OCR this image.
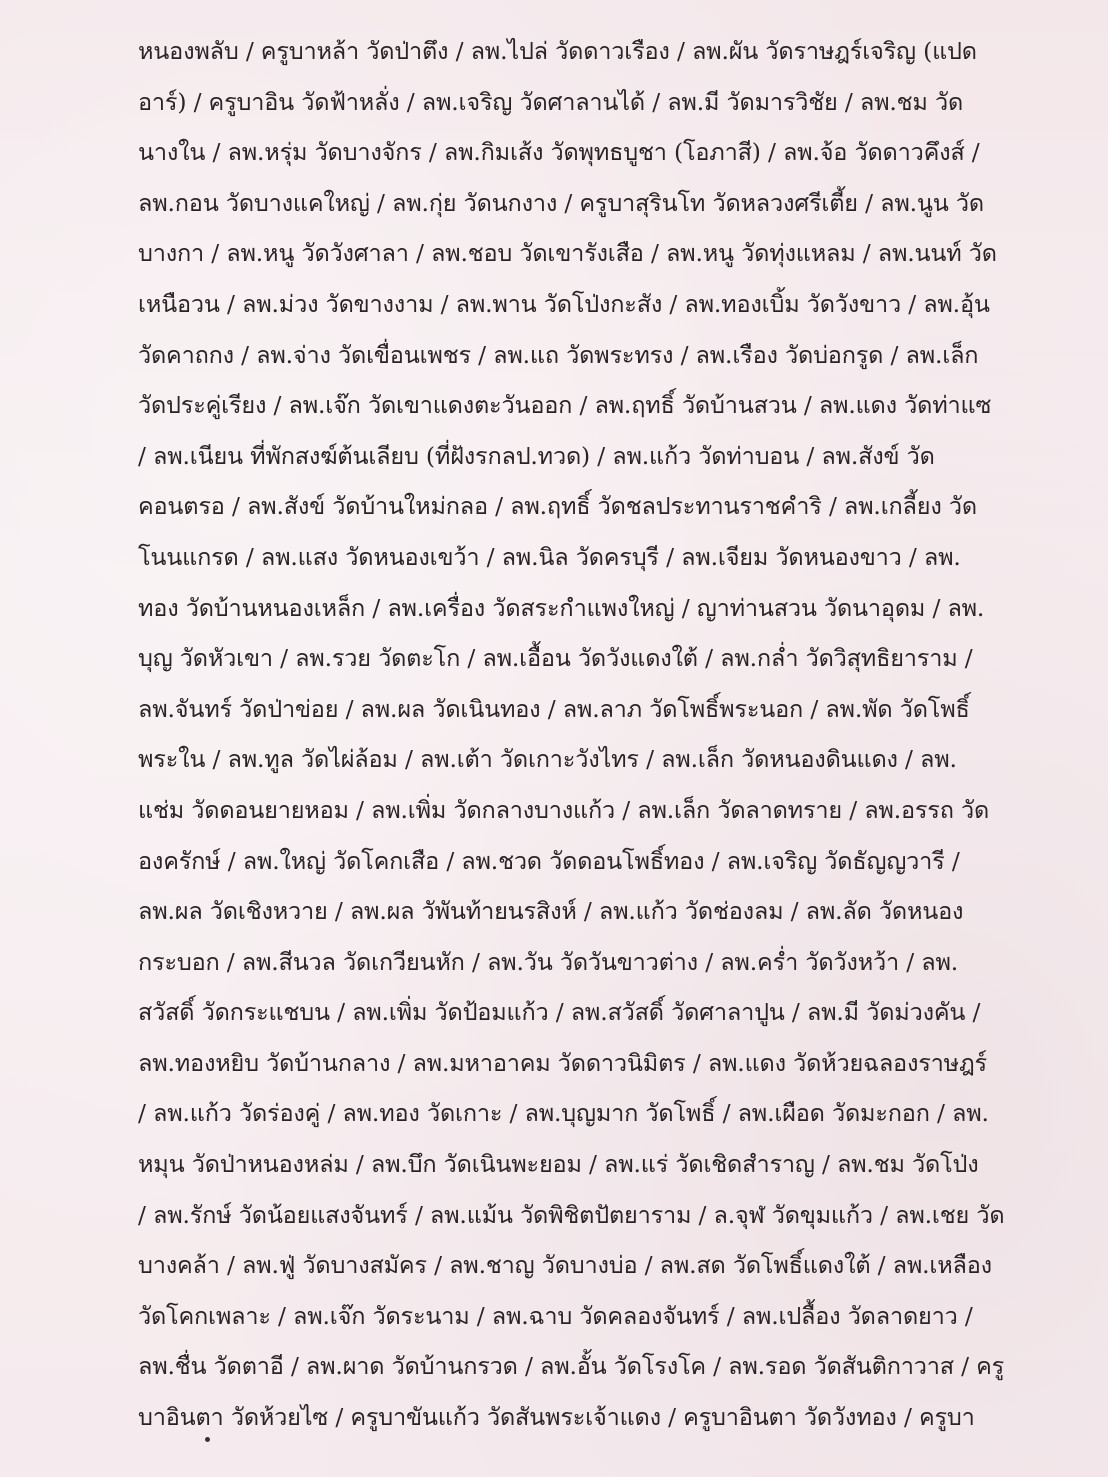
หนองพลับ / ครูบาหล้า วัดป่าตึง / ลพ.ไปล่ วัดดาวเรือง / ลพ.ผัน วัดราษฎร์เจริญ (แปด
อาร์) / ครูบาอิน วัดฟ้าหลั่ง / ลพ.เจริญ วัดศาลานได้ / ลพ.มี วัดมารวิชัย / ลพ.ชม วัด
นางใน / ลพ.หรุ่ม วัดบางจักร / ลพ.กิมเส้ง วัดพุทธบูชา (โอภาสี) / ลพ.จ้อ วัดดาวคึงส์ /
ลพ.กอน วัดบางแคใหญ่ / ลพ.กุ่ย วัดนกงาง / ครูบาสุรินโท วัดหลวงศรีเตี้ย / ลพ.นูน วัด
บางกา / ลพ.หนู วัดวังศาลา / ลพ.ชอบ วัดเขารังเสือ / ลพ.หนู วัดทุ่งแหลม / ลพ.นนท์ วัด
เหนือวน / ลพ.ม่วง วัดขางงาม / ลพ.พาน วัดโป่งกะสัง / ลพ.ทองเบิ้ม วัดวังขาว / ลพ.อุ้น
วัดคาถกง / ลพ.จ่าง วัดเขื่อนเพชร / ลพ.แถ วัดพระทรง / ลพ.เรือง วัดบ่อกรูด / ลพ.เล็ก
วัดประคู่เรียง / ลพ.เจ๊ก วัดเขาแดงตะวันออก / ลพ.ฤทธิ์ วัดบ้านสวน / ลพ.แดง วัดท่าแซ
/ ลพ.เนียน ที่พักสงฆ์ต้นเลียบ (ที่ฝังรกลป.ทวด) / ลพ.แก้ว วัดท่าบอน / ลพ.สังข์ วัด
คอนตรอ / ลพ.สังข์ วัดบ้านใหม่กลอ / ลพ.ฤทธิ์ วัดชลประทานราชคำริ / ลพ.เกลี้ยง วัด
โนนแกรด / ลพ.แสง วัดหนองเขว้า / ลพ.นิล วัดครบุรี / ลพ.เจียม วัดหนองขาว / ลพ.
ทอง วัดบ้านหนองเหล็ก / ลพ.เครื่อง วัดสระกำแพงใหญ่ / ญาท่านสวน วัดนาอุดม / ลพ.
บุญ วัดหัวเขา / ลพ.รวย วัดตะโก / ลพ.เอื้อน วัดวังแดงใต้ / ลพ.กล่ำ วัดวิสุทธิยาราม /
ลพ.จันทร์ วัดป่าข่อย / ลพ.ผล วัดเนินทอง / ลพ.ลาภ วัดโพธิ์พระนอก / ลพ.พัด วัดโพธิ์
พระใน / ลพ.ทูล วัดไผ่ล้อม / ลพ.เต้า วัดเกาะวังไทร / ลพ.เล็ก วัดหนองดินแดง / ลพ.
แช่ม วัดดอนยายหอม / ลพ.เพิ่ม วัดกลางบางแก้ว / ลพ.เล็ก วัดลาดทราย / ลพ.อรรถ วัด
องครักษ์ / ลพ.ใหญ่ วัดโคกเสือ / ลพ.ชวด วัดดอนโพธิ์ทอง / ลพ.เจริญ วัดธัญญวารี /
ลพ.ผล วัดเชิงหวาย / ลพ.ผล วัพันท้ายนรสิงห์ / ลพ.แก้ว วัดช่องลม / ลพ.ลัด วัดหนอง
กระบอก / ลพ.สีนวล วัดเกวียนหัก / ลพ.วัน วัดวันขาวต่าง / ลพ.คร่ำ วัดวังหว้า / ลพ.
สวัสดิ์ วัดกระแชบน / ลพ.เพิ่ม วัดป้อมแก้ว / ลพ.สวัสดิ์ วัดศาลาปูน / ลพ.มี วัดม่วงคัน /
ลพ.ทองหยิบ วัดบ้านกลาง / ลพ.มหาอาคม วัดดาวนิมิตร / ลพ.แดง วัดห้วยฉลองราษฎร์
/ ลพ.แก้ว วัดร่องคู่ / ลพ.ทอง วัดเกาะ / ลพ.บุญมาก วัดโพธิ์ / ลพ.เผือด วัดมะกอก / ลพ.
หมุน วัดป่าหนองหล่ม / ลพ.บึก วัดเนินพะยอม / ลพ.แร่ วัดเชิดสำราญ / ลพ.ชม วัดโป่ง
/ ลพ.รักษ์ วัดน้อยแสงจันทร์ / ลพ.แม้น วัดพิชิตปัตยาราม / ล.จุฬ วัดขุมแก้ว / ลพ.เชย วัด
บางคล้า / ลพ.ฟู่ วัดบางสมัคร / ลพ.ชาญ วัดบางบ่อ / ลพ.สด วัดโพธิ์แดงใต้ / ลพ.เหลือง
วัดโคกเพลาะ / ลพ.เจ๊ก วัดระนาม / ลพ.ฉาบ วัดคลองจันทร์ / ลพ.เปลื้อง วัดลาดยาว /
ลพ.ชื่น วัดตาอี / ลพ.ผาด วัดบ้านกรวด / ลพ.อั้น วัดโรงโค / ลพ.รอด วัดสันติกาวาส / ครู
บาอินตา วัดห้วยไซ / ครูบาขันแก้ว วัดสันพระเจ้าแดง / ครูบาอินตา วัดวังทอง / ครูบา
